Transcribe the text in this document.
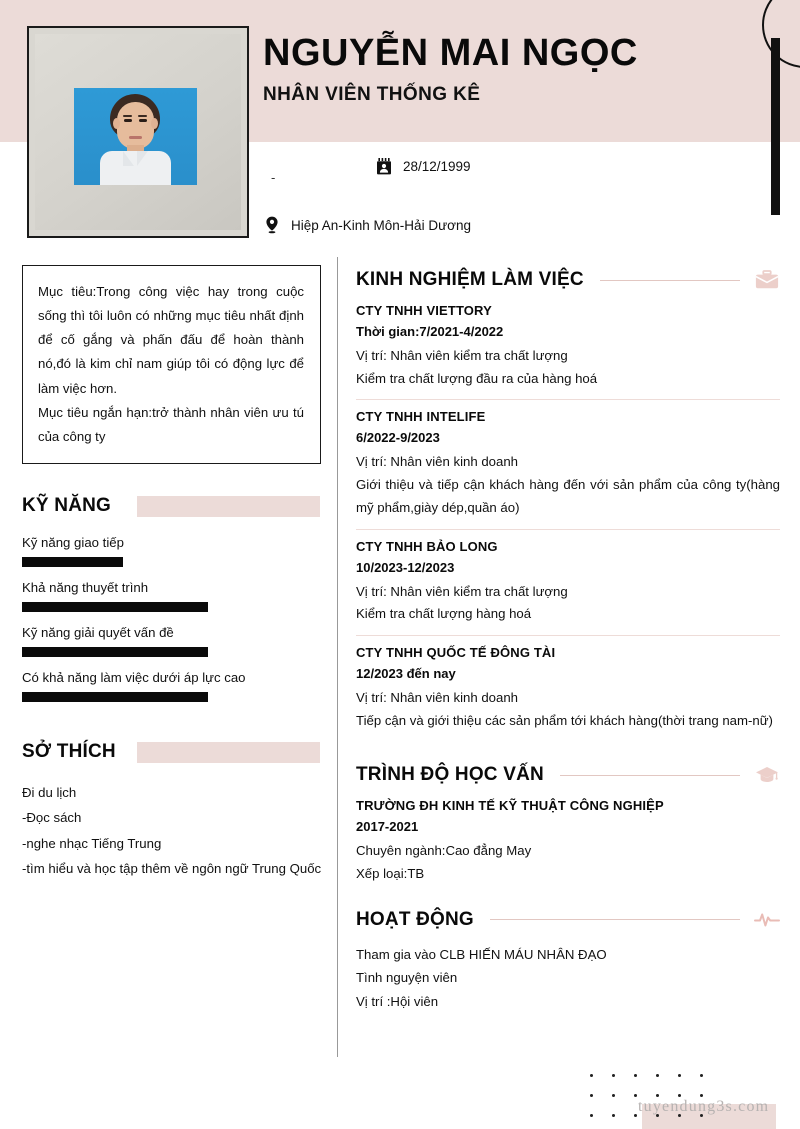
NGUYỄN MAI NGỌC
NHÂN VIÊN THỐNG KÊ
-
28/12/1999
Hiệp An-Kinh Môn-Hải Dương

Mục tiêu:Trong công việc hay trong cuộc sống thì tôi luôn có những mục tiêu nhất định để cố gắng và phấn đấu để hoàn thành nó,đó là kim chỉ nam giúp tôi có động lực để làm việc hơn.

Mục tiêu ngắn hạn:trở thành nhân viên ưu tú của công ty

KỸ NĂNG
Kỹ năng giao tiếp
Khả năng thuyết trình
Kỹ năng giải quyết vấn đề
Có khả năng làm việc dưới áp lực cao
SỞ THÍCH
Đi du lịch
-Đọc sách
-nghe nhạc Tiếng Trung
-tìm hiểu và học tập thêm về ngôn ngữ Trung Quốc
KINH NGHIỆM LÀM VIỆC
CTY TNHH VIETTORY
Thời gian:7/2021-4/2022
Vị trí: Nhân viên kiểm tra chất lượng
Kiểm tra chất lượng đầu ra của hàng hoá
CTY TNHH INTELIFE
6/2022-9/2023
Vị trí: Nhân viên kinh doanh
Giới thiệu và tiếp cận khách hàng đến với sản phẩm của công ty(hàng mỹ phẩm,giày dép,quần áo)
CTY TNHH BẢO LONG
10/2023-12/2023
Vị trí: Nhân viên kiểm tra chất lượng
Kiểm tra chất lượng hàng hoá
CTY TNHH QUỐC TẾ ĐÔNG TÀI
12/2023 đến nay
Vị trí: Nhân viên kinh doanh
Tiếp cận và giới thiệu các sản phẩm tới khách hàng(thời trang nam-nữ)
TRÌNH ĐỘ HỌC VẤN
TRƯỜNG ĐH KINH TẾ KỸ THUẬT CÔNG NGHIỆP
2017-2021
Chuyên ngành:Cao đẳng May
Xếp loại:TB
HOẠT ĐỘNG
Tham gia vào CLB HIẾN MÁU NHÂN ĐẠO
Tình nguyện viên
Vị trí :Hội viên
tuyendung3s.com
